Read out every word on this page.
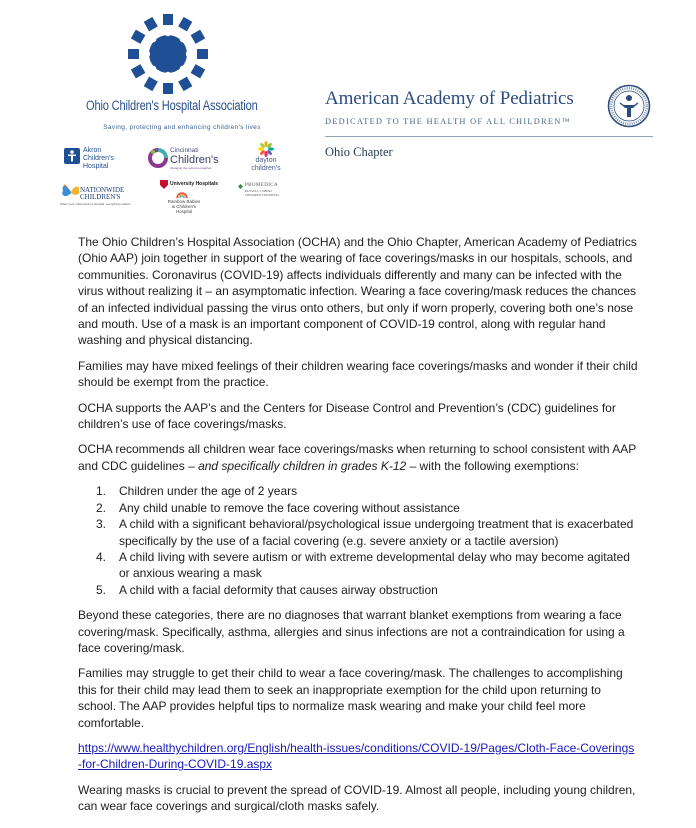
Ohio Children's Hospital Association
Saving, protecting and enhancing children's lives
Akron
Children's
Hospital
Cincinnati
Children's
changing the outcome together
dayton
children's
NATIONWIDE
CHILDREN'S
When your child needs a hospital, everything matters.
University Hospitals
Rainbow Babies
& Children's Hospital
PROMEDICA
RUSSELL J. EBEID
CHILDREN'S HOSPITAL
American Academy of Pediatrics
DEDICATED TO THE HEALTH OF ALL CHILDREN™
Ohio Chapter

The Ohio Children’s Hospital Association (OCHA) and the Ohio Chapter, American Academy of Pediatrics (Ohio AAP) join together in support of the wearing of face coverings/masks in our hospitals, schools, and communities. Coronavirus (COVID-19) affects individuals differently and many can be infected with the virus without realizing it – an asymptomatic infection. Wearing a face covering/mask reduces the chances of an infected individual passing the virus onto others, but only if worn properly, covering both one’s nose and mouth. Use of a mask is an important component of COVID-19 control, along with regular hand washing and physical distancing.

Families may have mixed feelings of their children wearing face coverings/masks and wonder if their child should be exempt from the practice.

OCHA supports the AAP’s and the Centers for Disease Control and Prevention’s (CDC) guidelines for children’s use of face coverings/masks.

OCHA recommends all children wear face coverings/masks when returning to school consistent with AAP and CDC guidelines – and specifically children in grades K-12 – with the following exemptions:

1. Children under the age of 2 years
2. Any child unable to remove the face covering without assistance
3. A child with a significant behavioral/psychological issue undergoing treatment that is exacerbated specifically by the use of a facial covering (e.g. severe anxiety or a tactile aversion)
4. A child living with severe autism or with extreme developmental delay who may become agitated or anxious wearing a mask
5. A child with a facial deformity that causes airway obstruction

Beyond these categories, there are no diagnoses that warrant blanket exemptions from wearing a face covering/mask. Specifically, asthma, allergies and sinus infections are not a contraindication for using a face covering/mask.

Families may struggle to get their child to wear a face covering/mask. The challenges to accomplishing this for their child may lead them to seek an inappropriate exemption for the child upon returning to school. The AAP provides helpful tips to normalize mask wearing and make your child feel more comfortable.

https://www.healthychildren.org/English/health-issues/conditions/COVID-19/Pages/Cloth-Face-Coverings-for-Children-During-COVID-19.aspx

Wearing masks is crucial to prevent the spread of COVID-19. Almost all people, including young children, can wear face coverings and surgical/cloth masks safely.
